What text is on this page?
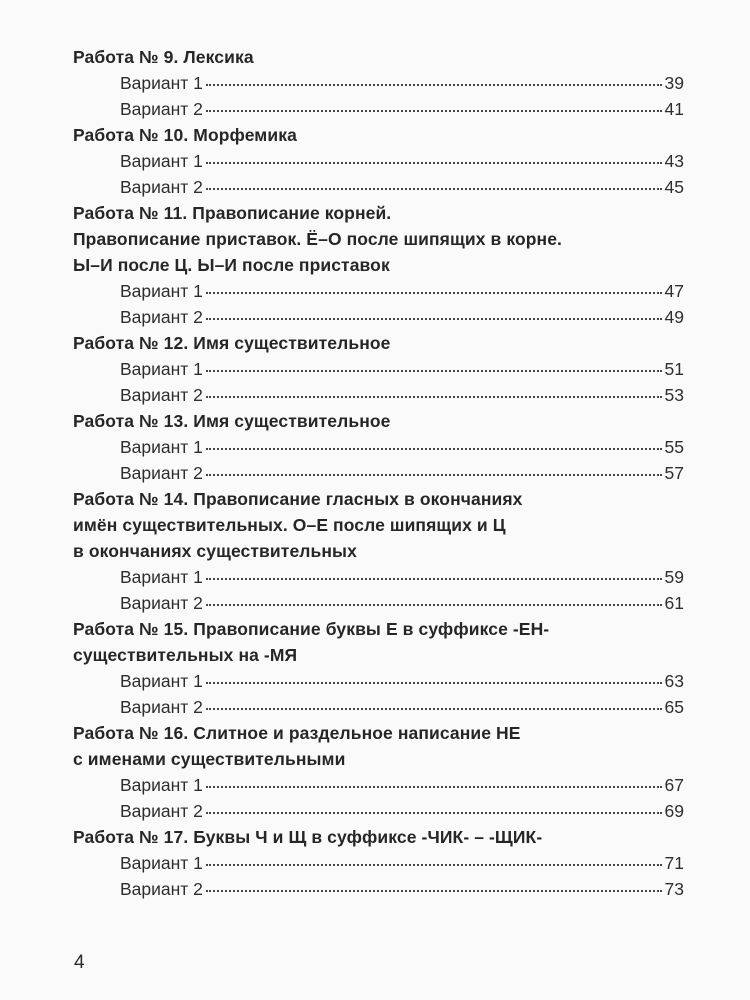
Работа № 9. Лексика
Вариант 1	39
Вариант 2	41
Работа № 10. Морфемика
Вариант 1	43
Вариант 2	45
Работа № 11. Правописание корней.
Правописание приставок. Ё–О после шипящих в корне.
Ы–И после Ц. Ы–И после приставок
Вариант 1	47
Вариант 2	49
Работа № 12. Имя существительное
Вариант 1	51
Вариант 2	53
Работа № 13. Имя существительное
Вариант 1	55
Вариант 2	57
Работа № 14. Правописание гласных в окончаниях
имён существительных. О–Е после шипящих и Ц
в окончаниях существительных
Вариант 1	59
Вариант 2	61
Работа № 15. Правописание буквы Е в суффиксе -ЕН-
существительных на -МЯ
Вариант 1	63
Вариант 2	65
Работа № 16. Слитное и раздельное написание НЕ
с именами существительными
Вариант 1	67
Вариант 2	69
Работа № 17. Буквы Ч и Щ в суффиксе -ЧИК- – -ЩИК-
Вариант 1	71
Вариант 2	73
4
